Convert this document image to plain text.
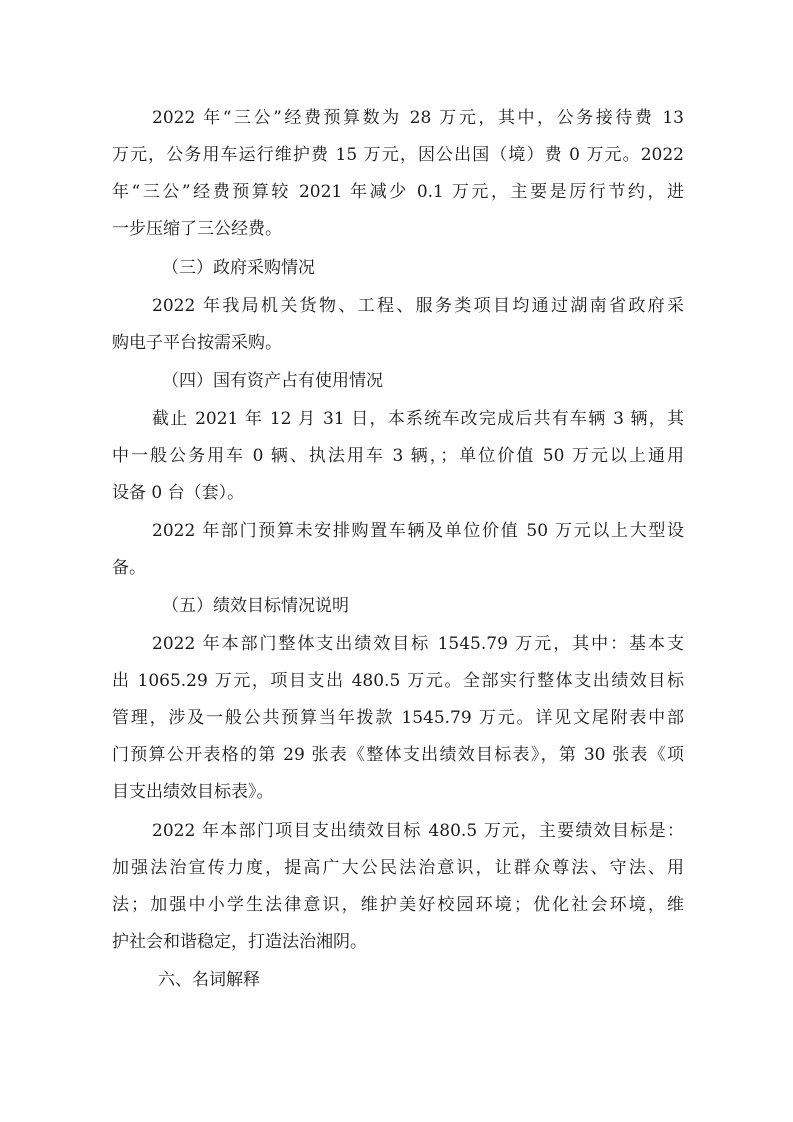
2022 年“三公”经费预算数为 28 万元，其中，公务接待费 13
万元，公务用车运行维护费 15 万元，因公出国（境）费 0 万元。2022
年“三公”经费预算较 2021 年减少 0.1 万元，主要是厉行节约，进
一步压缩了三公经费。
（三）政府采购情况
2022 年我局机关货物、工程、服务类项目均通过湖南省政府采
购电子平台按需采购。
（四）国有资产占有使用情况
截止 2021 年 12 月 31 日，本系统车改完成后共有车辆 3 辆，其
中一般公务用车 0 辆、执法用车 3 辆，；单位价值 50 万元以上通用
设备 0 台（套）。
2022 年部门预算未安排购置车辆及单位价值 50 万元以上大型设
备。
（五）绩效目标情况说明
2022 年本部门整体支出绩效目标 1545.79 万元，其中：基本支
出 1065.29 万元，项目支出 480.5 万元。全部实行整体支出绩效目标
管理，涉及一般公共预算当年拨款 1545.79 万元。详见文尾附表中部
门预算公开表格的第 29 张表《整体支出绩效目标表》，第 30 张表《项
目支出绩效目标表》。
2022 年本部门项目支出绩效目标 480.5 万元，主要绩效目标是：
加强法治宣传力度，提高广大公民法治意识，让群众尊法、守法、用
法；加强中小学生法律意识，维护美好校园环境；优化社会环境，维
护社会和谐稳定，打造法治湘阴。
六、名词解释
